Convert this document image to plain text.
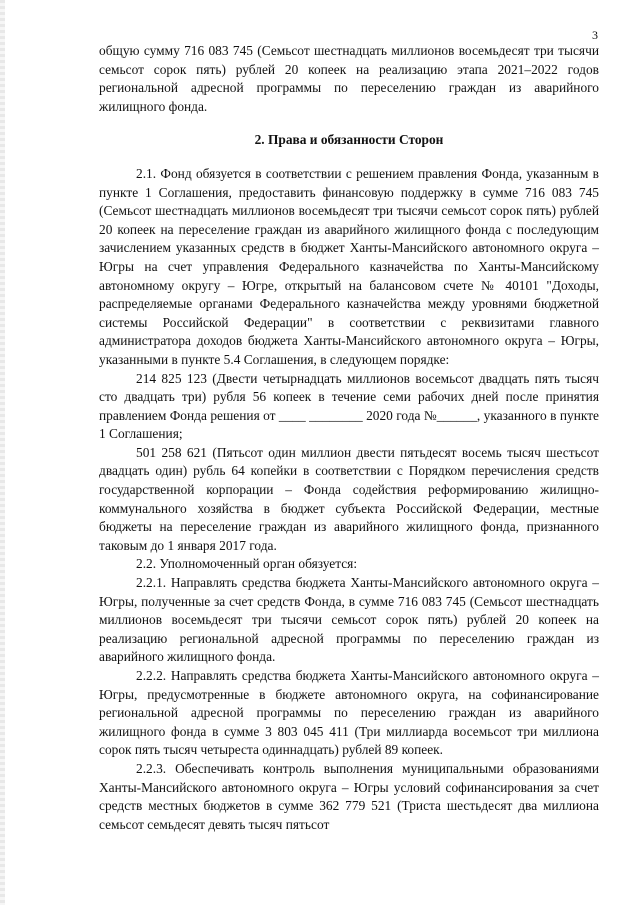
3

общую сумму 716 083 745 (Семьсот шестнадцать миллионов восемьдесят три тысячи семьсот сорок пять) рублей 20 копеек на реализацию этапа 2021–2022 годов региональной адресной программы по переселению граждан из аварийного жилищного фонда.

2. Права и обязанности Сторон

2.1. Фонд обязуется в соответствии с решением правления Фонда, указанным в пункте 1 Соглашения, предоставить финансовую поддержку в сумме 716 083 745 (Семьсот шестнадцать миллионов восемьдесят три тысячи семьсот сорок пять) рублей 20 копеек на переселение граждан из аварийного жилищного фонда с последующим зачислением указанных средств в бюджет Ханты-Мансийского автономного округа – Югры на счет управления Федерального казначейства по Ханты-Мансийскому автономному округу – Югре, открытый на балансовом счете № 40101 "Доходы, распределяемые органами Федерального казначейства между уровнями бюджетной системы Российской Федерации" в соответствии с реквизитами главного администратора доходов бюджета Ханты-Мансийского автономного округа – Югры, указанными в пункте 5.4 Соглашения, в следующем порядке:

214 825 123 (Двести четырнадцать миллионов восемьсот двадцать пять тысяч сто двадцать три) рубля 56 копеек в течение семи рабочих дней после принятия правлением Фонда решения от ____ ________ 2020 года №______, указанного в пункте 1 Соглашения;

501 258 621 (Пятьсот один миллион двести пятьдесят восемь тысяч шестьсот двадцать один) рубль 64 копейки в соответствии с Порядком перечисления средств государственной корпорации – Фонда содействия реформированию жилищно-коммунального хозяйства в бюджет субъекта Российской Федерации, местные бюджеты на переселение граждан из аварийного жилищного фонда, признанного таковым до 1 января 2017 года.

2.2. Уполномоченный орган обязуется:

2.2.1. Направлять средства бюджета Ханты-Мансийского автономного округа – Югры, полученные за счет средств Фонда, в сумме 716 083 745 (Семьсот шестнадцать миллионов восемьдесят три тысячи семьсот сорок пять) рублей 20 копеек на реализацию региональной адресной программы по переселению граждан из аварийного жилищного фонда.

2.2.2. Направлять средства бюджета Ханты-Мансийского автономного округа – Югры, предусмотренные в бюджете автономного округа, на софинансирование региональной адресной программы по переселению граждан из аварийного жилищного фонда в сумме 3 803 045 411 (Три миллиарда восемьсот три миллиона сорок пять тысяч четыреста одиннадцать) рублей 89 копеек.

2.2.3. Обеспечивать контроль выполнения муниципальными образованиями Ханты-Мансийского автономного округа – Югры условий софинансирования за счет средств местных бюджетов в сумме 362 779 521 (Триста шестьдесят два миллиона семьсот семьдесят девять тысяч пятьсот
